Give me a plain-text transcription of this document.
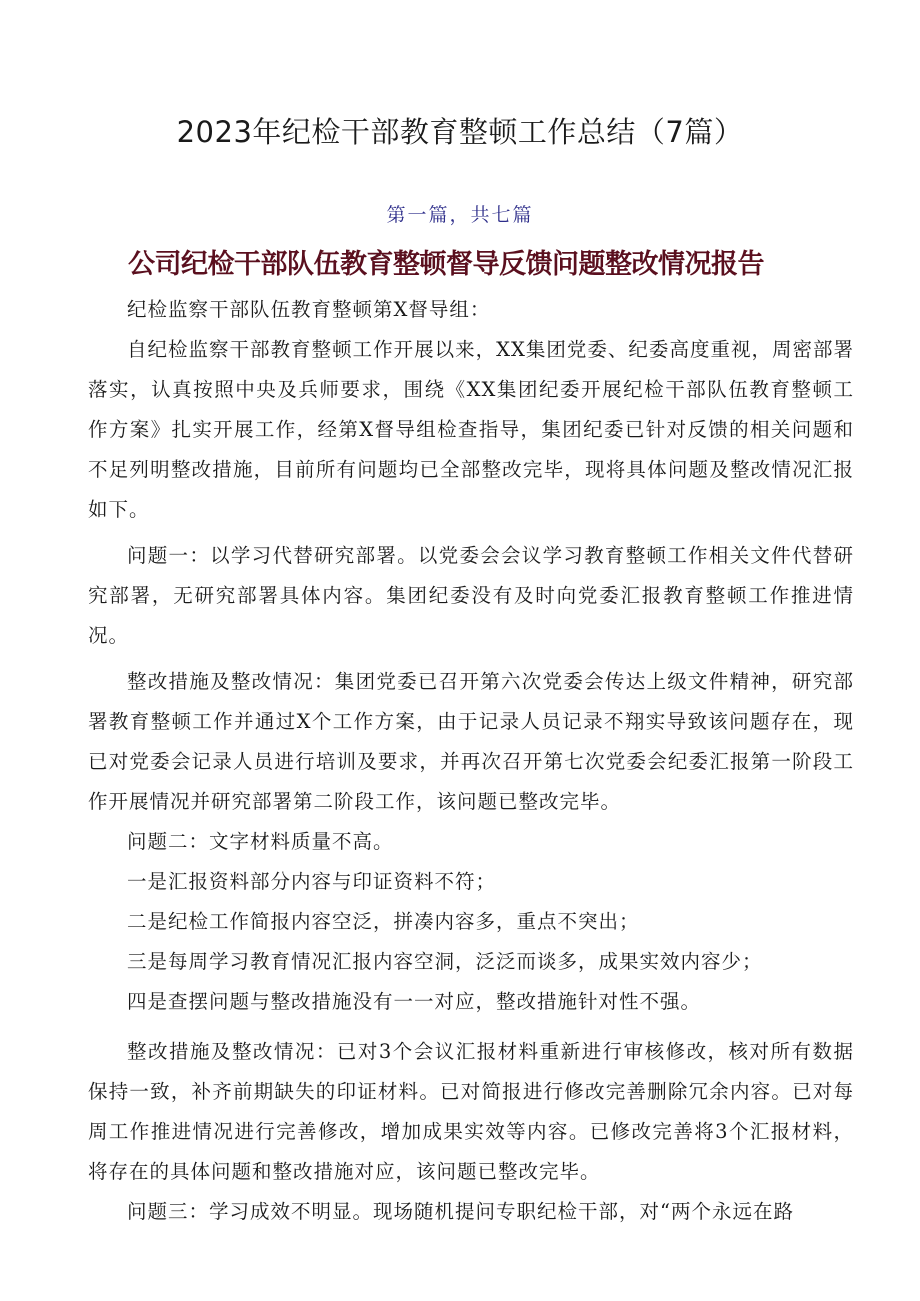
2023年纪检干部教育整顿工作总结（7篇）
第一篇，共七篇
公司纪检干部队伍教育整顿督导反馈问题整改情况报告

纪检监察干部队伍教育整顿第X督导组：

自纪检监察干部教育整顿工作开展以来，XX集团党委、纪委高度重视，周密部署落实，认真按照中央及兵师要求，围绕《XX集团纪委开展纪检干部队伍教育整顿工作方案》扎实开展工作，经第X督导组检查指导，集团纪委已针对反馈的相关问题和不足列明整改措施，目前所有问题均已全部整改完毕，现将具体问题及整改情况汇报如下。

问题一：以学习代替研究部署。以党委会会议学习教育整顿工作相关文件代替研究部署，无研究部署具体内容。集团纪委没有及时向党委汇报教育整顿工作推进情况。

整改措施及整改情况：集团党委已召开第六次党委会传达上级文件精神，研究部署教育整顿工作并通过X个工作方案，由于记录人员记录不翔实导致该问题存在，现已对党委会记录人员进行培训及要求，并再次召开第七次党委会纪委汇报第一阶段工作开展情况并研究部署第二阶段工作，该问题已整改完毕。

问题二：文字材料质量不高。

一是汇报资料部分内容与印证资料不符；

二是纪检工作简报内容空泛，拼凑内容多，重点不突出；

三是每周学习教育情况汇报内容空洞，泛泛而谈多，成果实效内容少；

四是查摆问题与整改措施没有一一对应，整改措施针对性不强。

整改措施及整改情况：已对3个会议汇报材料重新进行审核修改，核对所有数据保持一致，补齐前期缺失的印证材料。已对简报进行修改完善删除冗余内容。已对每周工作推进情况进行完善修改，增加成果实效等内容。已修改完善将3个汇报材料，将存在的具体问题和整改措施对应，该问题已整改完毕。

问题三：学习成效不明显。现场随机提问专职纪检干部，对“两个永远在路
